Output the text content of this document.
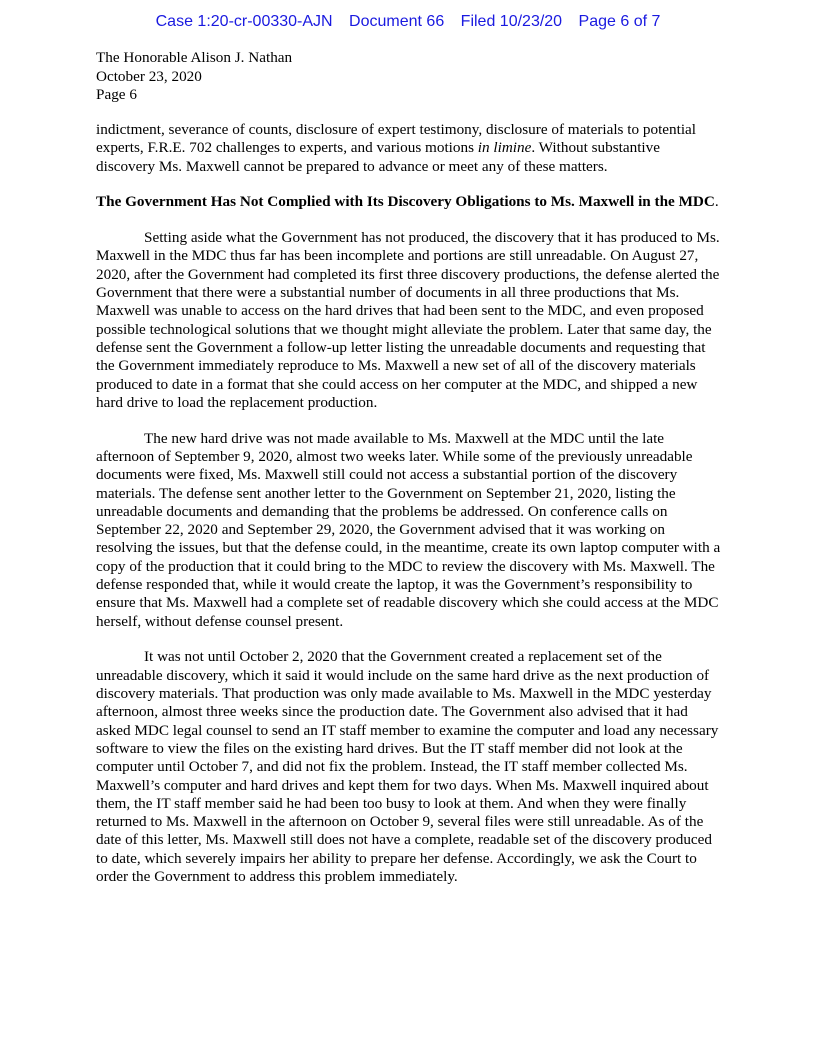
Case 1:20-cr-00330-AJN Document 66 Filed 10/23/20 Page 6 of 7
The Honorable Alison J. Nathan
October 23, 2020
Page 6

indictment, severance of counts, disclosure of expert testimony, disclosure of materials to potential experts, F.R.E. 702 challenges to experts, and various motions in limine. Without substantive discovery Ms. Maxwell cannot be prepared to advance or meet any of these matters.

The Government Has Not Complied with Its Discovery Obligations to Ms. Maxwell in the MDC.

Setting aside what the Government has not produced, the discovery that it has produced to Ms. Maxwell in the MDC thus far has been incomplete and portions are still unreadable. On August 27, 2020, after the Government had completed its first three discovery productions, the defense alerted the Government that there were a substantial number of documents in all three productions that Ms. Maxwell was unable to access on the hard drives that had been sent to the MDC, and even proposed possible technological solutions that we thought might alleviate the problem. Later that same day, the defense sent the Government a follow-up letter listing the unreadable documents and requesting that the Government immediately reproduce to Ms. Maxwell a new set of all of the discovery materials produced to date in a format that she could access on her computer at the MDC, and shipped a new hard drive to load the replacement production.

The new hard drive was not made available to Ms. Maxwell at the MDC until the late afternoon of September 9, 2020, almost two weeks later. While some of the previously unreadable documents were fixed, Ms. Maxwell still could not access a substantial portion of the discovery materials. The defense sent another letter to the Government on September 21, 2020, listing the unreadable documents and demanding that the problems be addressed. On conference calls on September 22, 2020 and September 29, 2020, the Government advised that it was working on resolving the issues, but that the defense could, in the meantime, create its own laptop computer with a copy of the production that it could bring to the MDC to review the discovery with Ms. Maxwell. The defense responded that, while it would create the laptop, it was the Government’s responsibility to ensure that Ms. Maxwell had a complete set of readable discovery which she could access at the MDC herself, without defense counsel present.

It was not until October 2, 2020 that the Government created a replacement set of the unreadable discovery, which it said it would include on the same hard drive as the next production of discovery materials. That production was only made available to Ms. Maxwell in the MDC yesterday afternoon, almost three weeks since the production date. The Government also advised that it had asked MDC legal counsel to send an IT staff member to examine the computer and load any necessary software to view the files on the existing hard drives. But the IT staff member did not look at the computer until October 7, and did not fix the problem. Instead, the IT staff member collected Ms. Maxwell’s computer and hard drives and kept them for two days. When Ms. Maxwell inquired about them, the IT staff member said he had been too busy to look at them. And when they were finally returned to Ms. Maxwell in the afternoon on October 9, several files were still unreadable. As of the date of this letter, Ms. Maxwell still does not have a complete, readable set of the discovery produced to date, which severely impairs her ability to prepare her defense. Accordingly, we ask the Court to order the Government to address this problem immediately.
